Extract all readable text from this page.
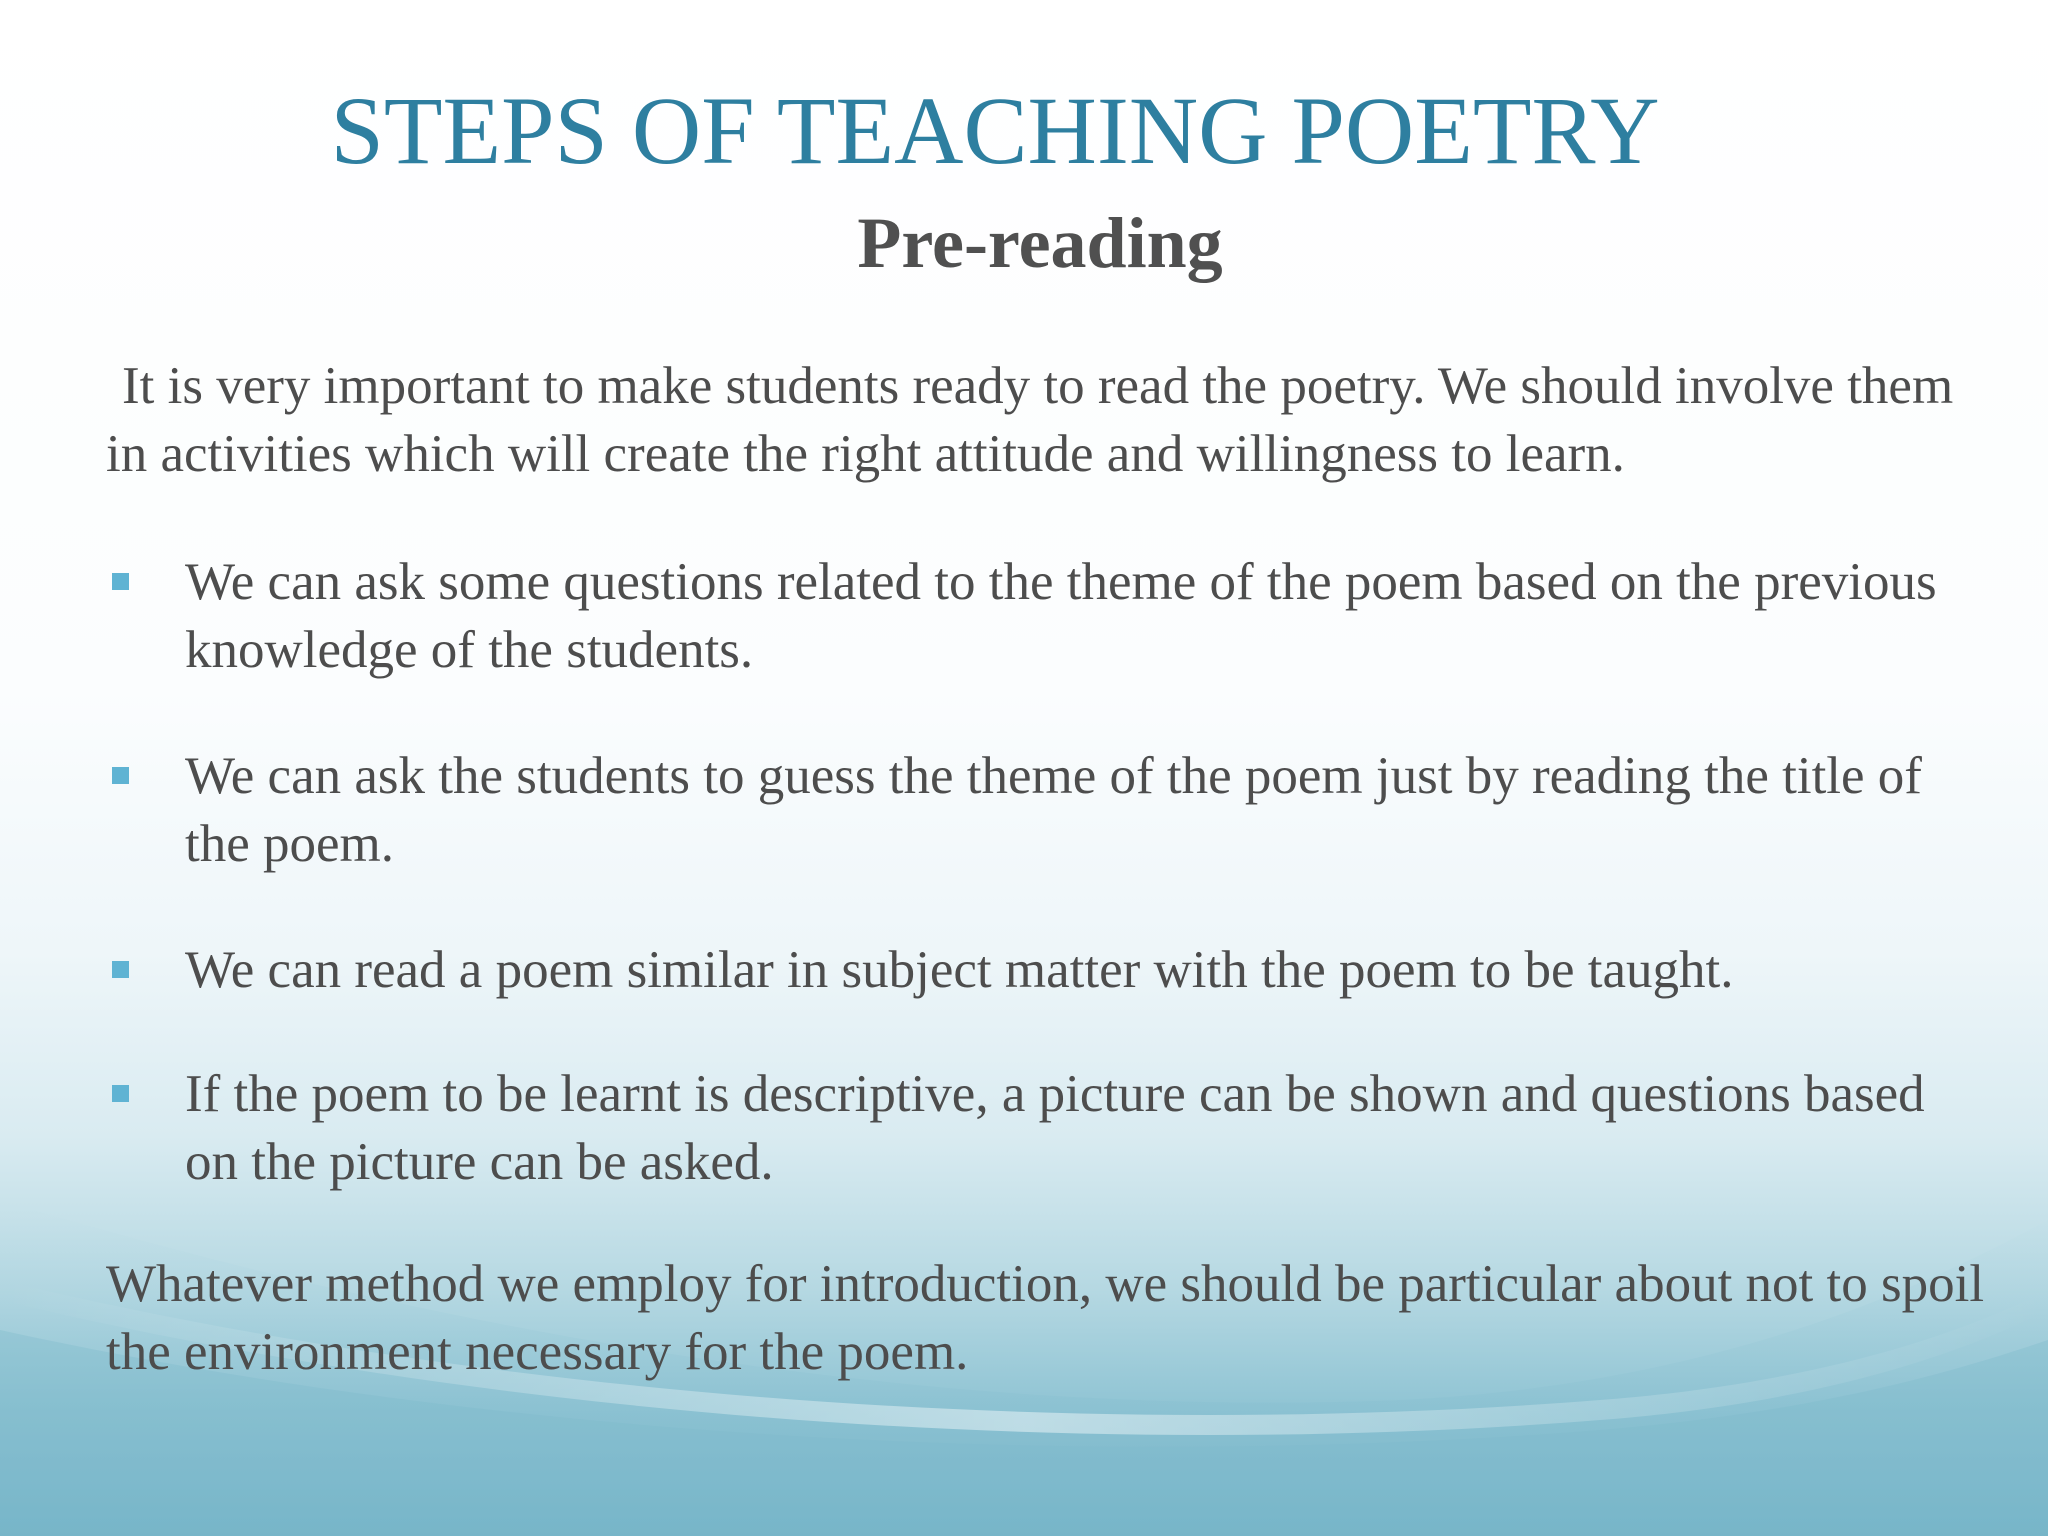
STEPS OF TEACHING POETRY
Pre-reading
It is very important to make students ready to read the poetry. We should involve them in activities which will create the right attitude and willingness to learn.
We can ask some questions related to the theme of the poem based on the previous knowledge of the students.
We can ask the students to guess the theme of the poem just by reading the title of the poem.
We can read a poem similar in subject matter with the poem to be taught.
If the poem to be learnt is descriptive, a picture can be shown and questions based on the picture can be asked.
Whatever method we employ for introduction, we should be particular about not to spoil the environment necessary for the poem.
